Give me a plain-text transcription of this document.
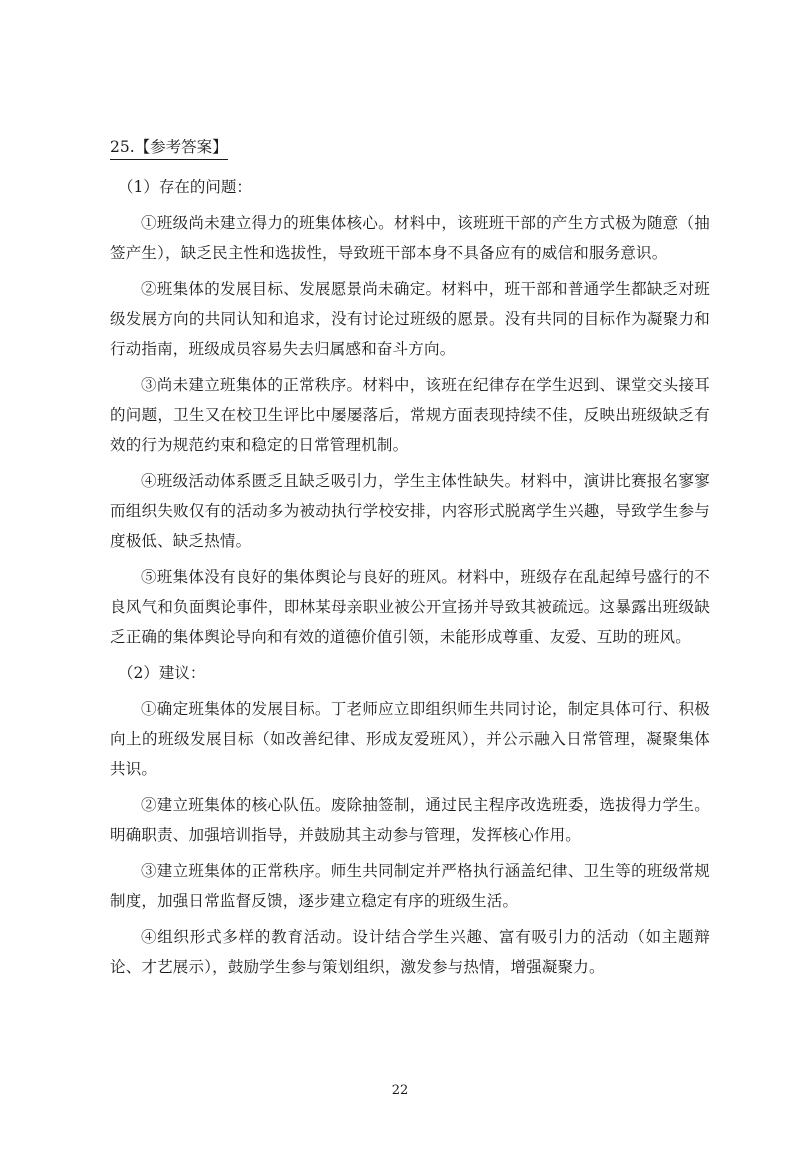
25.【参考答案】

（1）存在的问题：

①班级尚未建立得力的班集体核心。材料中，该班班干部的产生方式极为随意（抽签产生），缺乏民主性和选拔性，导致班干部本身不具备应有的威信和服务意识。

②班集体的发展目标、发展愿景尚未确定。材料中，班干部和普通学生都缺乏对班级发展方向的共同认知和追求，没有讨论过班级的愿景。没有共同的目标作为凝聚力和行动指南，班级成员容易失去归属感和奋斗方向。

③尚未建立班集体的正常秩序。材料中，该班在纪律存在学生迟到、课堂交头接耳的问题，卫生又在校卫生评比中屡屡落后，常规方面表现持续不佳，反映出班级缺乏有效的行为规范约束和稳定的日常管理机制。

④班级活动体系匮乏且缺乏吸引力，学生主体性缺失。材料中，演讲比赛报名寥寥而组织失败仅有的活动多为被动执行学校安排，内容形式脱离学生兴趣，导致学生参与度极低、缺乏热情。

⑤班集体没有良好的集体舆论与良好的班风。材料中，班级存在乱起绰号盛行的不良风气和负面舆论事件，即林某母亲职业被公开宣扬并导致其被疏远。这暴露出班级缺乏正确的集体舆论导向和有效的道德价值引领，未能形成尊重、友爱、互助的班风。

（2）建议：

①确定班集体的发展目标。丁老师应立即组织师生共同讨论，制定具体可行、积极向上的班级发展目标（如改善纪律、形成友爱班风），并公示融入日常管理，凝聚集体共识。

②建立班集体的核心队伍。废除抽签制，通过民主程序改选班委，选拔得力学生。明确职责、加强培训指导，并鼓励其主动参与管理，发挥核心作用。

③建立班集体的正常秩序。师生共同制定并严格执行涵盖纪律、卫生等的班级常规制度，加强日常监督反馈，逐步建立稳定有序的班级生活。

④组织形式多样的教育活动。设计结合学生兴趣、富有吸引力的活动（如主题辩论、才艺展示），鼓励学生参与策划组织，激发参与热情，增强凝聚力。

22
